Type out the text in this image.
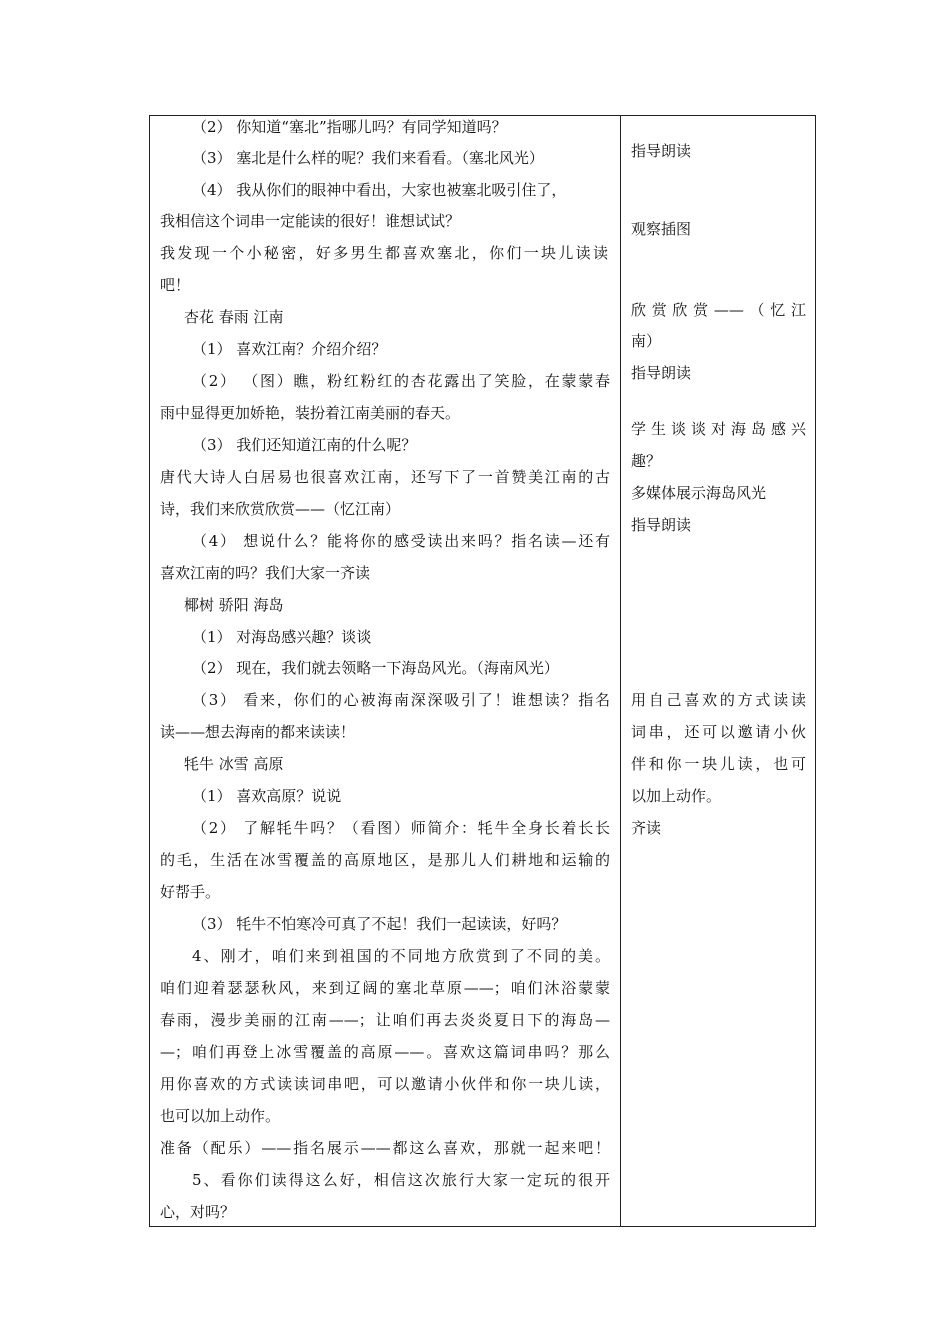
（2） 你知道“塞北”指哪儿吗？有同学知道吗？
（3） 塞北是什么样的呢？我们来看看。（塞北风光）
（4） 我从你们的眼神中看出，大家也被塞北吸引住了，
我相信这个词串一定能读的很好！谁想试试？
我发现一个小秘密，好多男生都喜欢塞北，你们一块儿读读
吧！
杏花 春雨 江南
（1） 喜欢江南？介绍介绍？
（2） （图）瞧，粉红粉红的杏花露出了笑脸，在蒙蒙春
雨中显得更加娇艳，装扮着江南美丽的春天。
（3） 我们还知道江南的什么呢？
唐代大诗人白居易也很喜欢江南，还写下了一首赞美江南的古
诗，我们来欣赏欣赏——（忆江南）
（4） 想说什么？能将你的感受读出来吗？指名读—还有
喜欢江南的吗？我们大家一齐读
椰树 骄阳 海岛
（1） 对海岛感兴趣？谈谈
（2） 现在，我们就去领略一下海岛风光。（海南风光）
（3） 看来，你们的心被海南深深吸引了！谁想读？指名
读——想去海南的都来读读！
牦牛 冰雪 高原
（1） 喜欢高原？说说
（2） 了解牦牛吗？（看图）师简介：牦牛全身长着长长
的毛，生活在冰雪覆盖的高原地区，是那儿人们耕地和运输的
好帮手。
（3） 牦牛不怕寒冷可真了不起！我们一起读读，好吗？
4、刚才，咱们来到祖国的不同地方欣赏到了不同的美。
咱们迎着瑟瑟秋风，来到辽阔的塞北草原——；咱们沐浴蒙蒙
春雨，漫步美丽的江南——；让咱们再去炎炎夏日下的海岛—
—；咱们再登上冰雪覆盖的高原——。喜欢这篇词串吗？那么
用你喜欢的方式读读词串吧，可以邀请小伙伴和你一块儿读，
也可以加上动作。
准备（配乐）——指名展示——都这么喜欢，那就一起来吧！
5、看你们读得这么好，相信这次旅行大家一定玩的很开
心，对吗？
指导朗读
观察插图
欣赏欣赏——（忆江
南）
指导朗读
学生谈谈对海岛感兴
趣？
多媒体展示海岛风光
指导朗读
用自己喜欢的方式读读
词串，还可以邀请小伙
伴和你一块儿读，也可
以加上动作。
齐读
